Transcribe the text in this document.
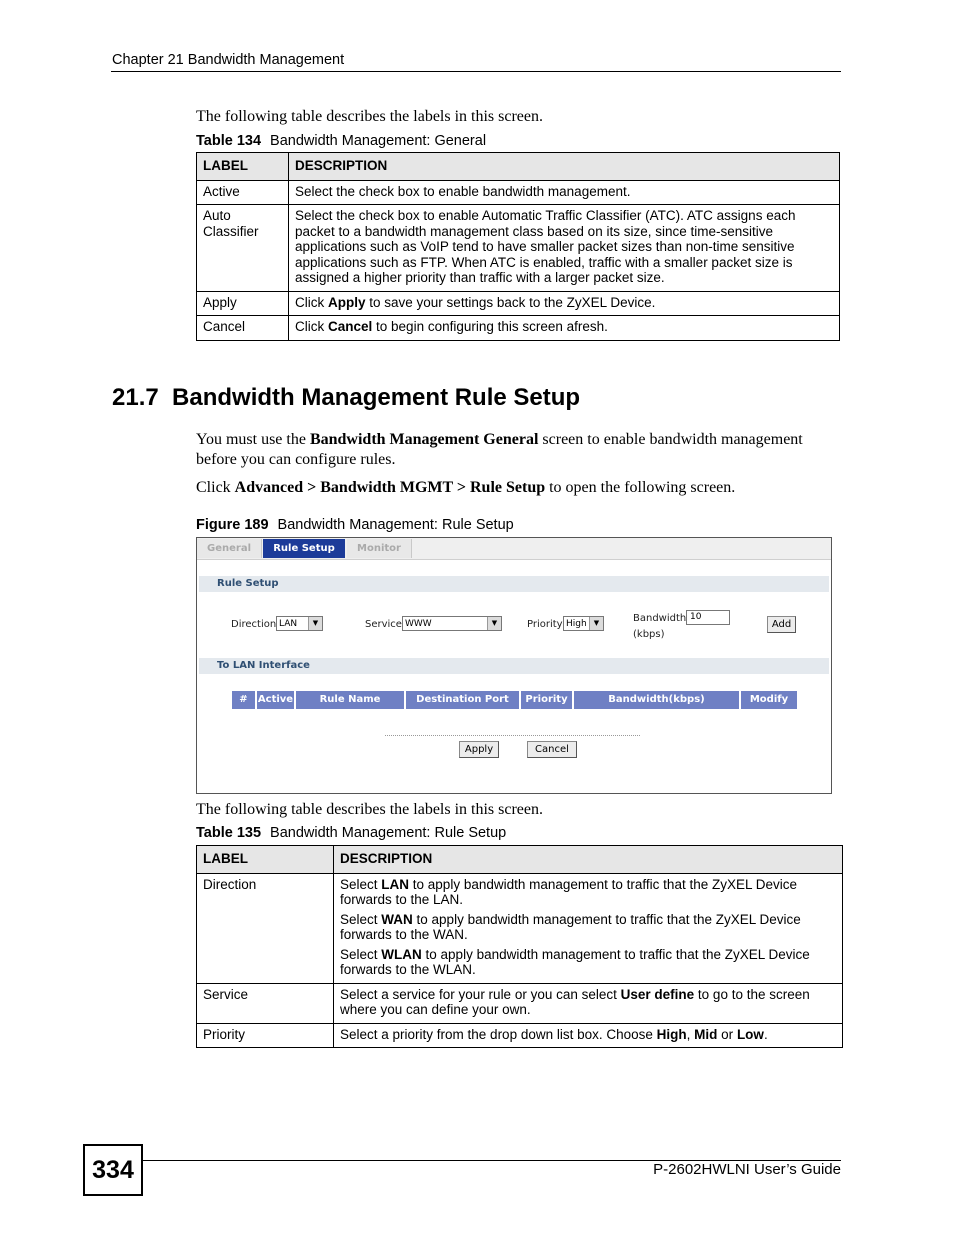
Chapter 21 Bandwidth Management
The following table describes the labels in this screen.
Table 134 Bandwidth Management: General
LABEL	DESCRIPTION
Active	Select the check box to enable bandwidth management.

Auto
Classifier	Select the check box to enable Automatic Traffic Classifier (ATC). ATC assigns each packet to a bandwidth management class based on its size, since time-sensitive applications such as VoIP tend to have smaller packet sizes than non-time sensitive applications such as FTP. When ATC is enabled, traffic with a smaller packet size is assigned a higher priority than traffic with a larger packet size.
Apply	Click Apply to save your settings back to the ZyXEL Device.
Cancel	Click Cancel to begin configuring this screen afresh.
21.7  Bandwidth Management Rule Setup
You must use the Bandwidth Management General screen to enable bandwidth management before you can configure rules.
Click Advanced > Bandwidth MGMT > Rule Setup to open the following screen.
Figure 189 Bandwidth Management: Rule Setup
General	Rule Setup	Monitor
Rule Setup
Direction LAN	▼	Service WWW	▼	Priority High	▼	Bandwidth
(kbps)
10
Add
To LAN Interface
#	Active	Rule Name	Destination Port	Priority	Bandwidth(kbps)	Modify
Apply	Cancel
The following table describes the labels in this screen.
Table 135 Bandwidth Management: Rule Setup
LABEL	DESCRIPTION
Direction	Select LAN to apply bandwidth management to traffic that the ZyXEL Device forwards to the LAN.

Select WAN to apply bandwidth management to traffic that the ZyXEL Device forwards to the WAN.

Select WLAN to apply bandwidth management to traffic that the ZyXEL Device forwards to the WLAN.

Service	Select a service for your rule or you can select User define to go to the screen where you can define your own.
Priority	Select a priority from the drop down list box. Choose High, Mid or Low.
334	P-2602HWLNI User’s Guide
